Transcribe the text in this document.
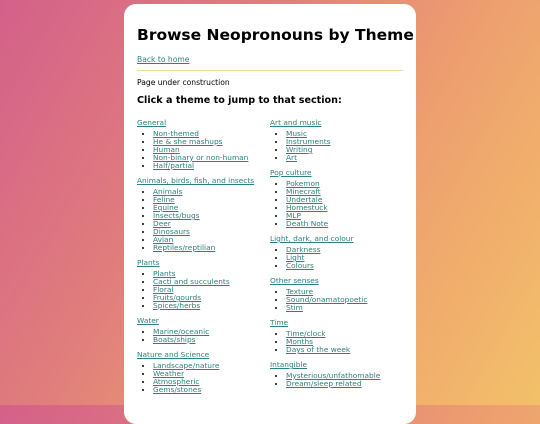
Browse Neopronouns by Theme
Back to home
Page under construction
Click a theme to jump to that section:
General
• Non-themed
• He & she mashups
• Human
• Non-binary or non-human
• Half/partial
Animals, birds, fish, and insects
• Animals
• Feline
• Equine
• Insects/bugs
• Deer
• Dinosaurs
• Avian
• Reptiles/reptilian
Plants
• Plants
• Cacti and succulents
• Floral
• Fruits/gourds
• Spices/herbs
Water
• Marine/oceanic
• Boats/ships
Nature and Science
• Landscape/nature
• Weather
• Atmospheric
• Gems/stones
Art and music
• Music
• Instruments
• Writing
• Art
Pop culture
• Pokemon
• Minecraft
• Undertale
• Homestuck
• MLP
• Death Note
Light, dark, and colour
• Darkness
• Light
• Colours
Other senses
• Texture
• Sound/onamatopoetic
• Stim
Time
• Time/clock
• Months
• Days of the week
Intangible
• Mysterious/unfathomable
• Dream/sleep related
